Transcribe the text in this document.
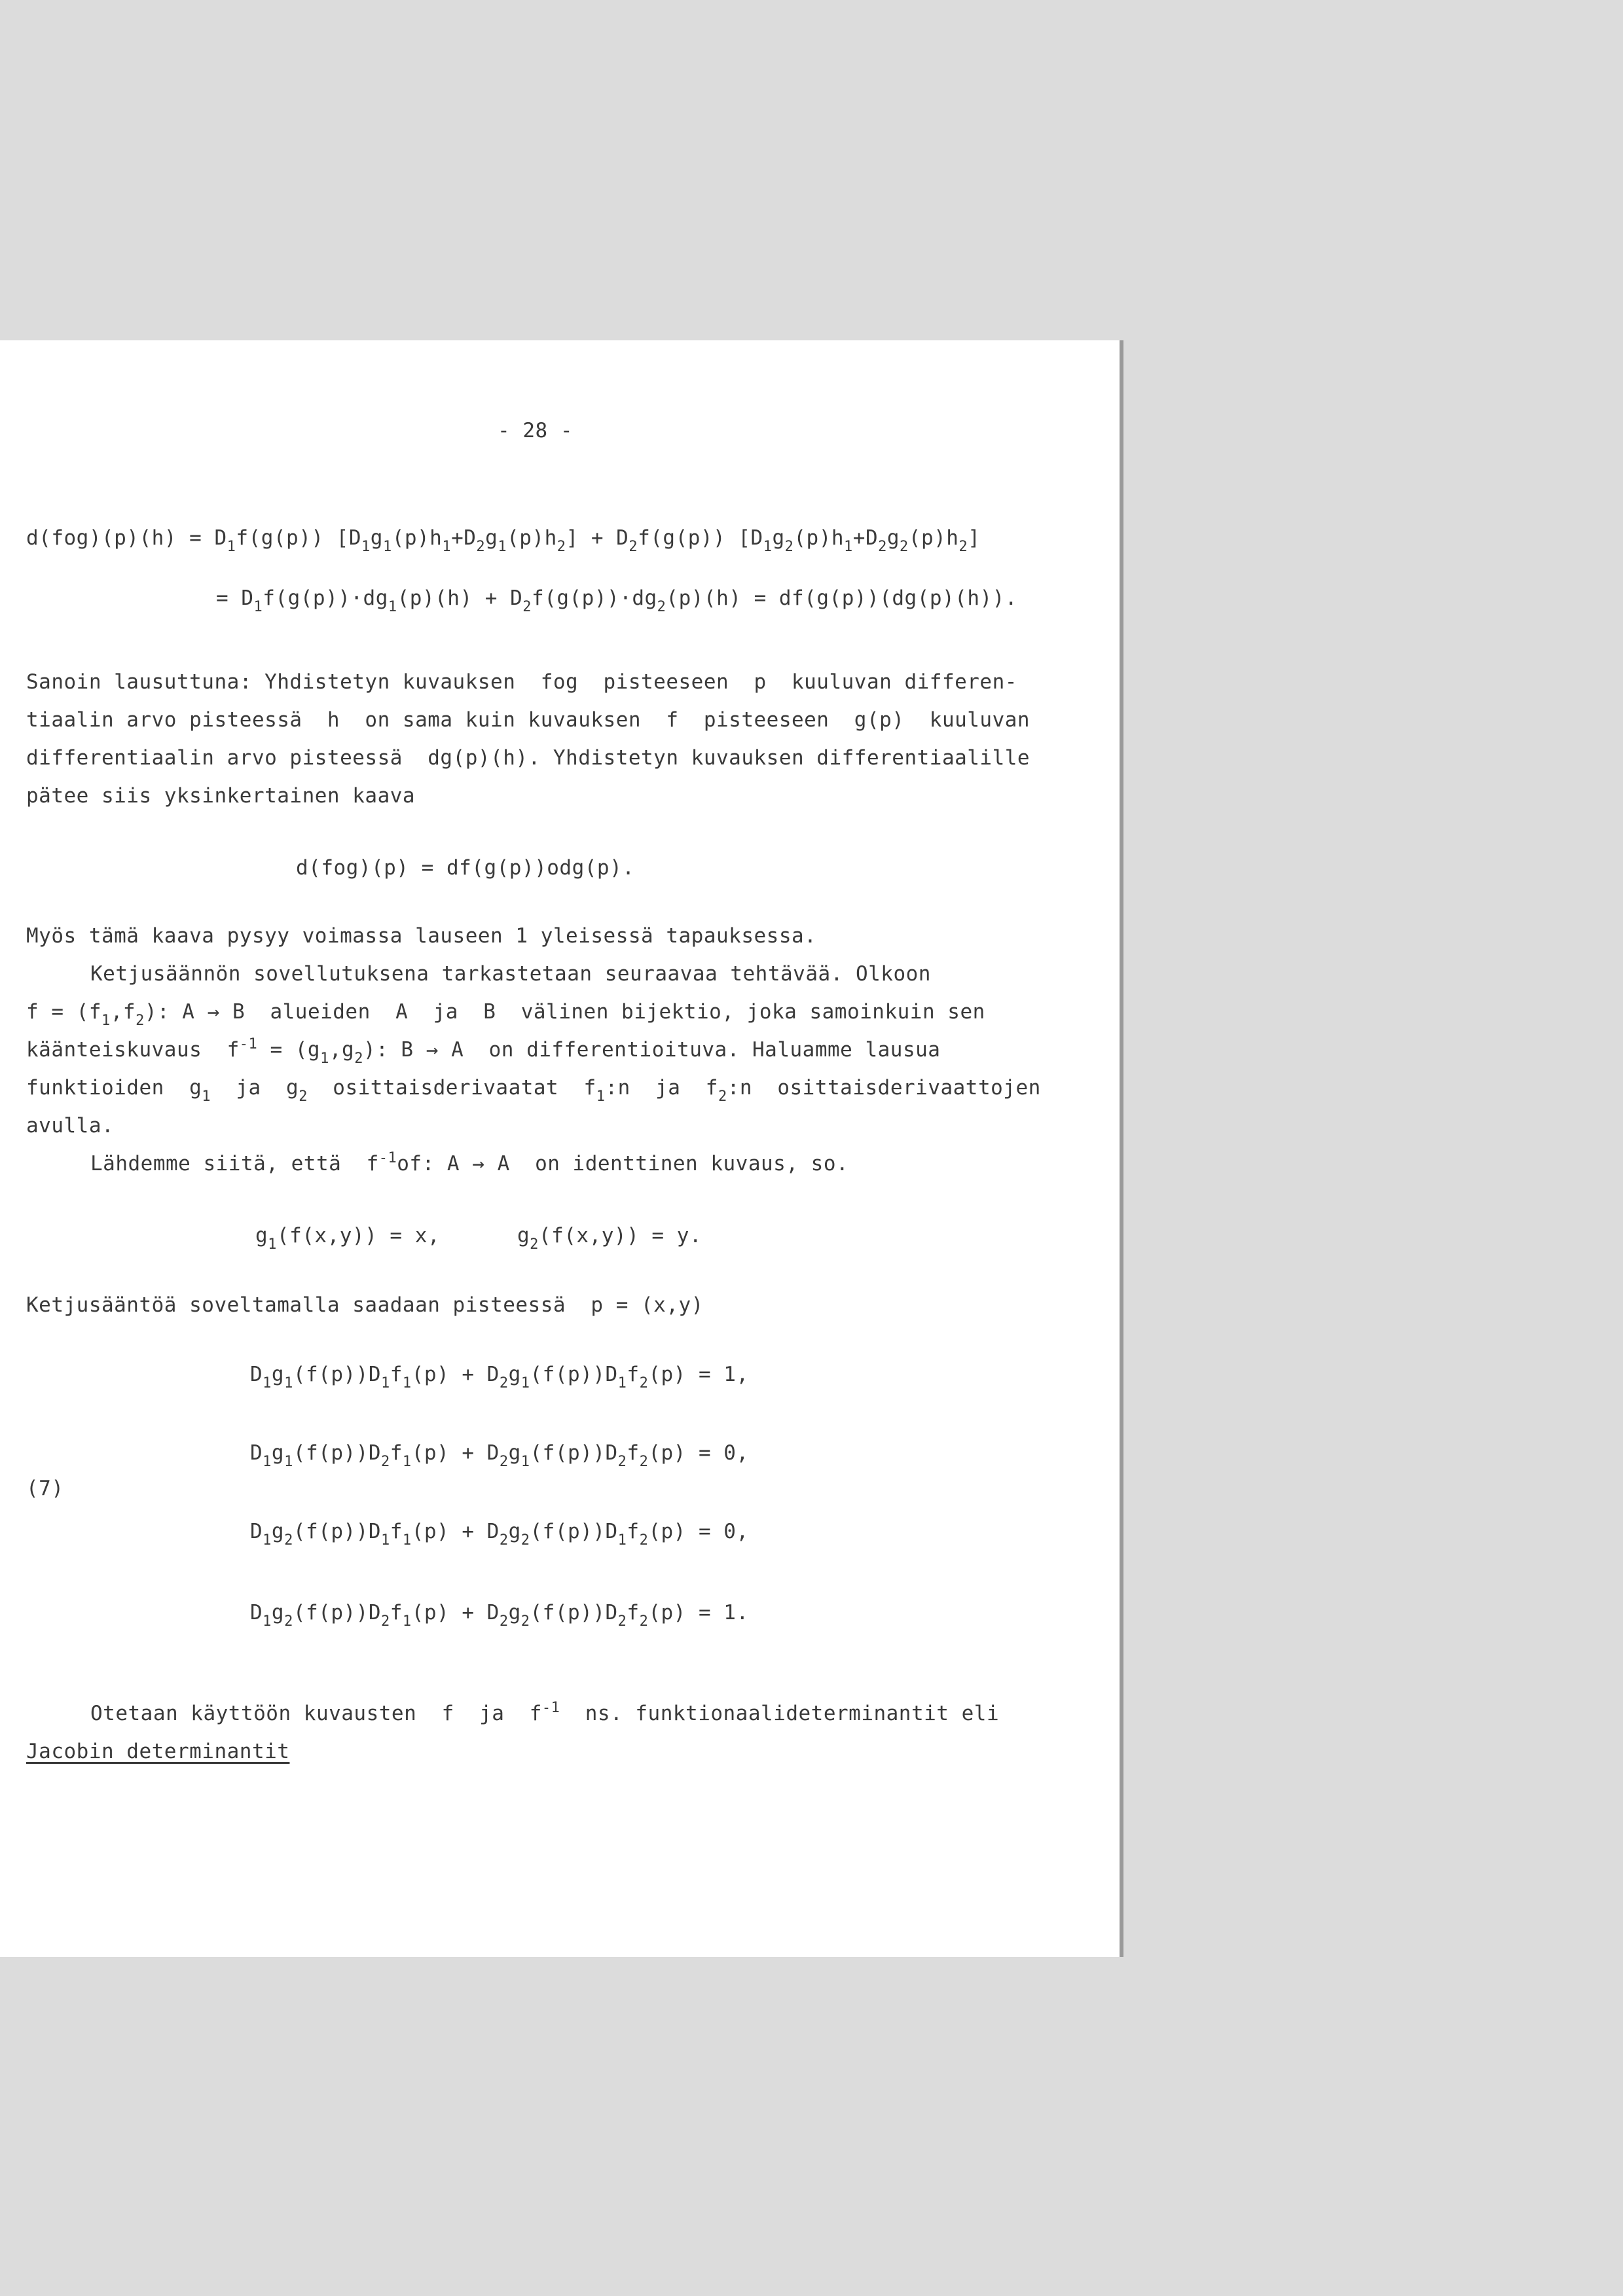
- 28 -
$d(fog)(p)(h) = D_1f(g(p)) [D_1g_1(p)h_1+D_2g_1(p)h_2] + D_2f(g(p))$ $[D_1g_2(p)h_1+D_2g_2(p)h_2]$
= $D_1f(g(p))\cdot dg_1(p)(h) + D_2f(g(p))\cdot dg_2(p)(h) = df(g(p))(dg(p)(h))$.
Sanoin lausuttuna: Yhdistetyn kuvauksen  fog  pisteeseen  p  kuuluvan differen-
tiaalin arvo pisteessä  h  on sama kuin kuvauksen  f  pisteeseen  g(p)  kuuluvan
differentiaalin arvo pisteessä  dg(p)(h). Yhdistetyn kuvauksen differentiaalille
pätee siis yksinkertainen kaava
d(fog)(p) = df(g(p))odg(p).
Myös tämä kaava pysyy voimassa lauseen 1 yleisessä tapauksessa.
Ketjusäännön sovellutuksena tarkastetaan seuraavaa tehtävää. Olkoon
$f = (f_1,f_2)$: A → B  alueiden  A  ja  B  välinen bijektio, joka samoinkuin sen
käänteiskuvaus  $f^{-1} = (g_1,g_2)$: B → A  on differentioituva. Haluamme lausua
funktioiden  $g_1$  ja  $g_2$  osittaisderivaatat  $f_1:n$  ja  $f_2:n$  osittaisderivaattojen
avulla.
Lähdemme siitä, että  $f^{-1}of$: A → A  on identtinen kuvaus, so.
$g_1(f(x,y)) = x$,	$g_2(f(x,y)) = y$.
Ketjusääntöä soveltamalla saadaan pisteessä  p = (x,y)
(7)
$D_1g_1(f(p))D_1f_1(p) + D_2g_1(f(p))D_1f_2(p) = 1$,
$D_1g_1(f(p))D_2f_1(p) + D_2g_1(f(p))D_2f_2(p) = 0$,
$D_1g_2(f(p))D_1f_1(p) + D_2g_2(f(p))D_1f_2(p) = 0$,
$D_1g_2(f(p))D_2f_1(p) + D_2g_2(f(p))D_2f_2(p) = 1$.
Otetaan käyttöön kuvausten  f  ja  $f^{-1}$  ns. funktionaalideterminantit eli
Jacobin determinantit
